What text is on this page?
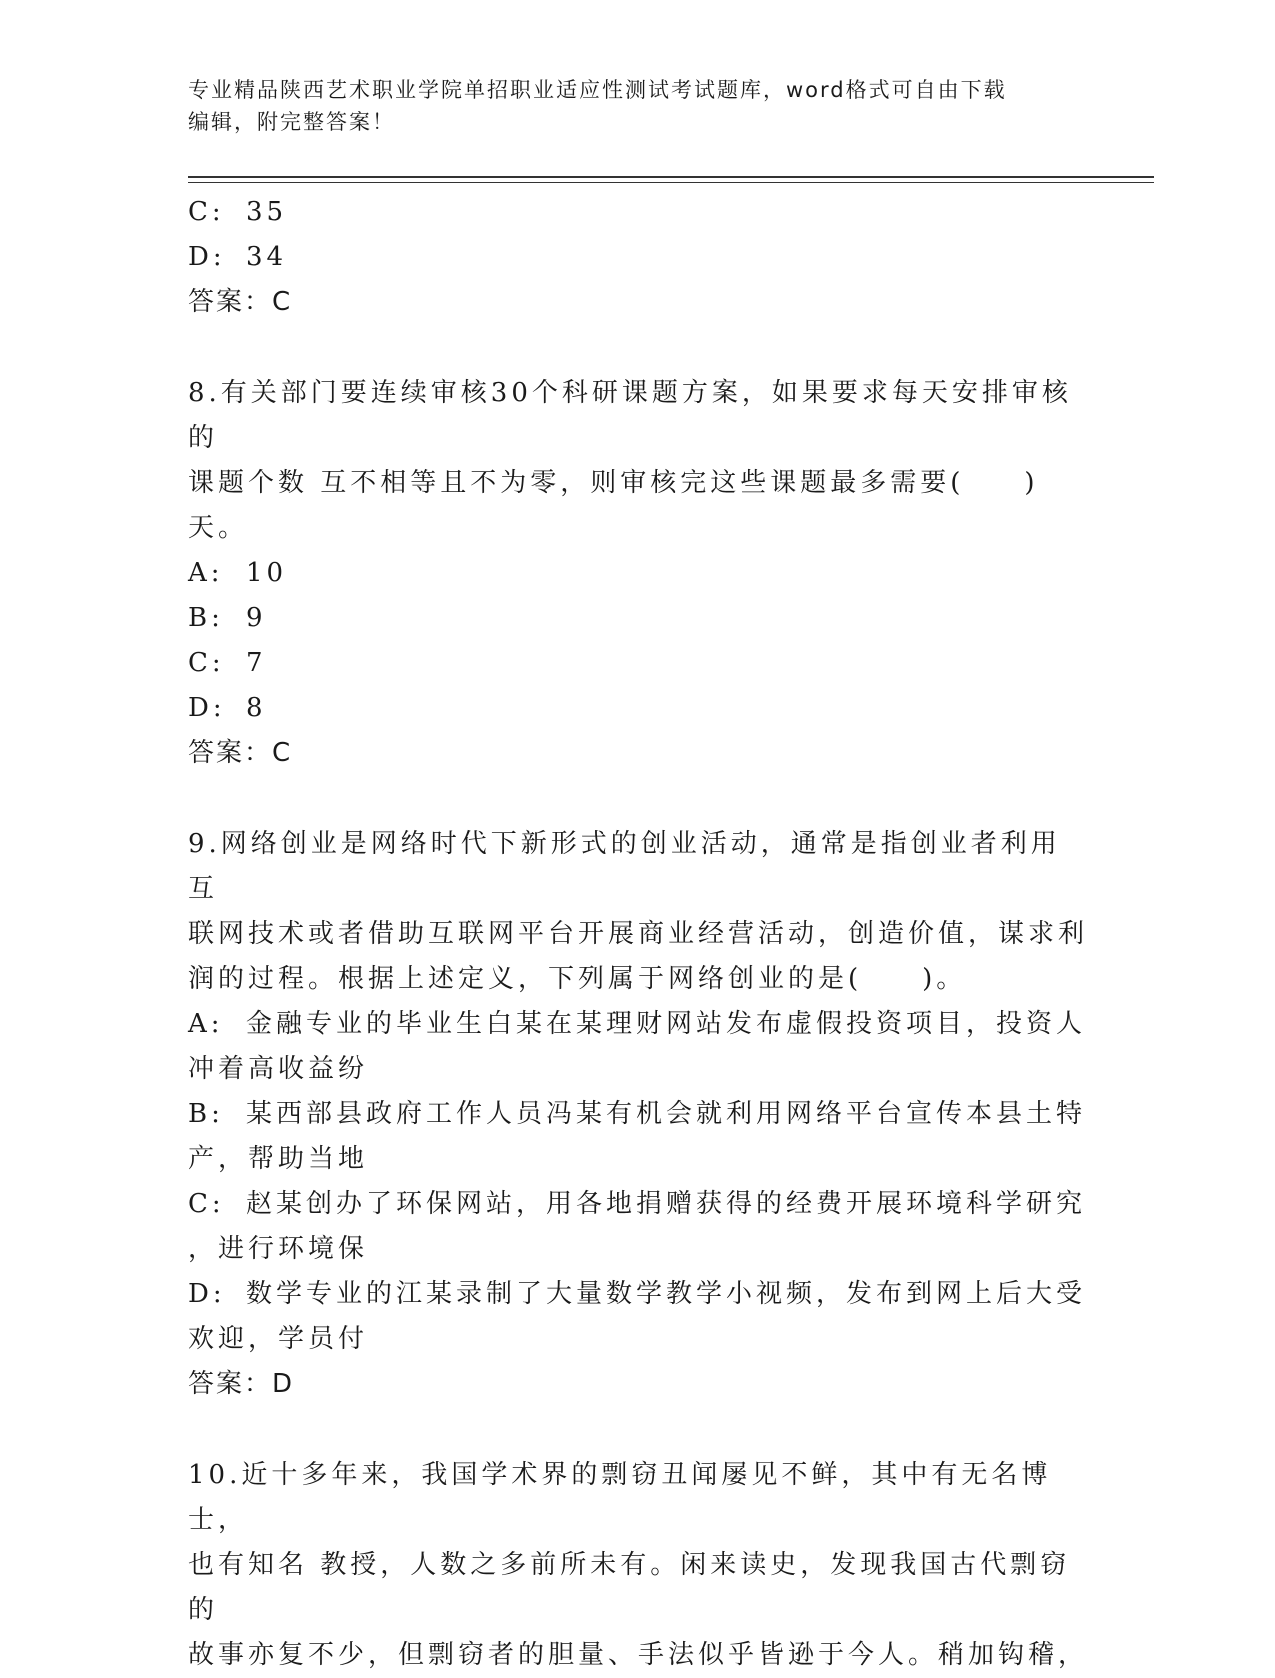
专业精品陕西艺术职业学院单招职业适应性测试考试题库，word格式可自由下载
编辑，附完整答案！
C: 35
D: 34
答案：C
8.有关部门要连续审核30个科研课题方案，如果要求每天安排审核的
课题个数 互不相等且不为零，则审核完这些课题最多需要(　　)天。
A: 10
B: 9
C: 7
D: 8
答案：C
9.网络创业是网络时代下新形式的创业活动，通常是指创业者利用互
联网技术或者借助互联网平台开展商业经营活动，创造价值，谋求利
润的过程。根据上述定义，下列属于网络创业的是(　　)。
A: 金融专业的毕业生白某在某理财网站发布虚假投资项目，投资人
冲着高收益纷
B: 某西部县政府工作人员冯某有机会就利用网络平台宣传本县土特
产，帮助当地
C: 赵某创办了环保网站，用各地捐赠获得的经费开展环境科学研究
，进行环境保
D: 数学专业的江某录制了大量数学教学小视频，发布到网上后大受
欢迎，学员付
答案：D
10.近十多年来，我国学术界的剽窃丑闻屡见不鲜，其中有无名博士，
也有知名 教授，人数之多前所未有。闲来读史，发现我国古代剽窃的
故事亦复不少，但剽窃者的胆量、手法似乎皆逊于今人。稍加钩稽，
